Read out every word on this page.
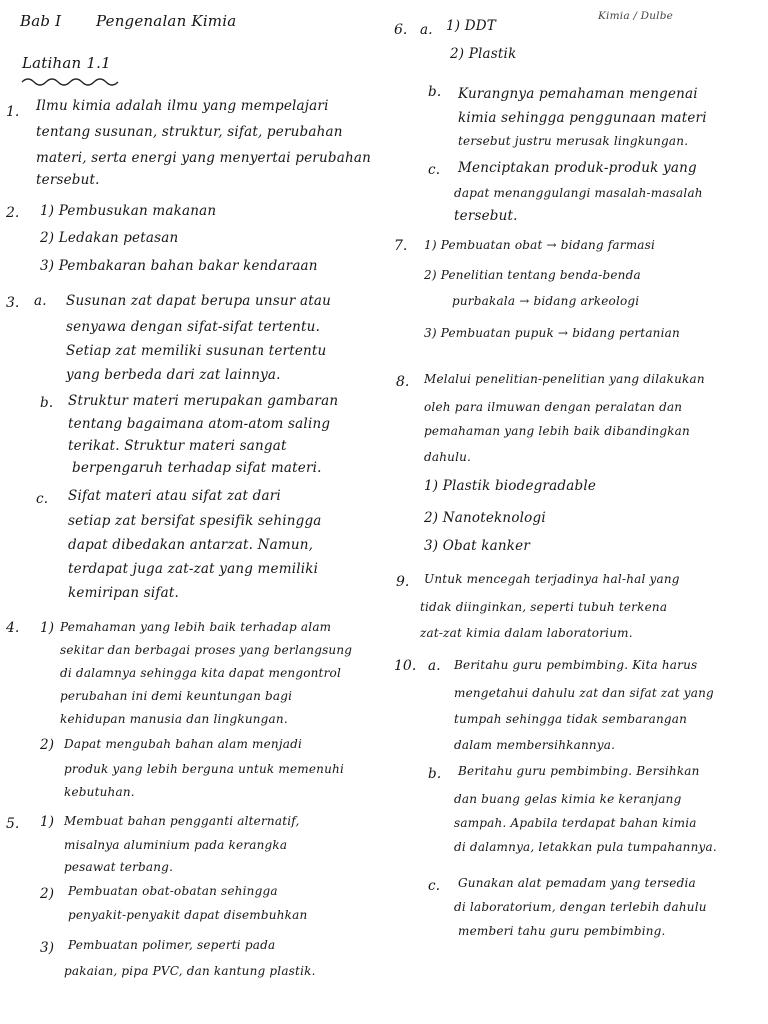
Bab I Pengenalan Kimia	Kimia / Dulbe
Latihan 1.1
1. Ilmu kimia adalah ilmu yang mempelajari
tentang susunan, struktur, sifat, perubahan
materi, serta energi yang menyertai perubahan
tersebut.
2. 1) Pembusukan makanan
2) Ledakan petasan
3) Pembakaran bahan bakar kendaraan
3. a. Susunan zat dapat berupa unsur atau
senyawa dengan sifat-sifat tertentu.
Setiap zat memiliki susunan tertentu
yang berbeda dari zat lainnya.
b. Struktur materi merupakan gambaran
tentang bagaimana atom-atom saling
terikat. Struktur materi sangat
berpengaruh terhadap sifat materi.
c. Sifat materi atau sifat zat dari
setiap zat bersifat spesifik sehingga
dapat dibedakan antarzat. Namun,
terdapat juga zat-zat yang memiliki
kemiripan sifat.
4. 1) Pemahaman yang lebih baik terhadap alam
sekitar dan berbagai proses yang berlangsung
di dalamnya sehingga kita dapat mengontrol
perubahan ini demi keuntungan bagi
kehidupan manusia dan lingkungan.
2) Dapat mengubah bahan alam menjadi
produk yang lebih berguna untuk memenuhi
kebutuhan.
5. 1) Membuat bahan pengganti alternatif,
misalnya aluminium pada kerangka
pesawat terbang.
2) Pembuatan obat-obatan sehingga
penyakit-penyakit dapat disembuhkan
3) Pembuatan polimer, seperti pada
pakaian, pipa PVC, dan kantung plastik.
6. a. 1) DDT
2) Plastik
b. Kurangnya pemahaman mengenai
kimia sehingga penggunaan materi
tersebut justru merusak lingkungan.
c. Menciptakan produk-produk yang
dapat menanggulangi masalah-masalah
tersebut.
7. 1) Pembuatan obat → bidang farmasi
2) Penelitian tentang benda-benda
purbakala → bidang arkeologi
3) Pembuatan pupuk → bidang pertanian
8. Melalui penelitian-penelitian yang dilakukan
oleh para ilmuwan dengan peralatan dan
pemahaman yang lebih baik dibandingkan
dahulu.
1) Plastik biodegradable
2) Nanoteknologi
3) Obat kanker
9. Untuk mencegah terjadinya hal-hal yang
tidak diinginkan, seperti tubuh terkena
zat-zat kimia dalam laboratorium.
10. a. Beritahu guru pembimbing. Kita harus
mengetahui dahulu zat dan sifat zat yang
tumpah sehingga tidak sembarangan
dalam membersihkannya.
b. Beritahu guru pembimbing. Bersihkan
dan buang gelas kimia ke keranjang
sampah. Apabila terdapat bahan kimia
di dalamnya, letakkan pula tumpahannya.
c. Gunakan alat pemadam yang tersedia
di laboratorium, dengan terlebih dahulu
memberi tahu guru pembimbing.
